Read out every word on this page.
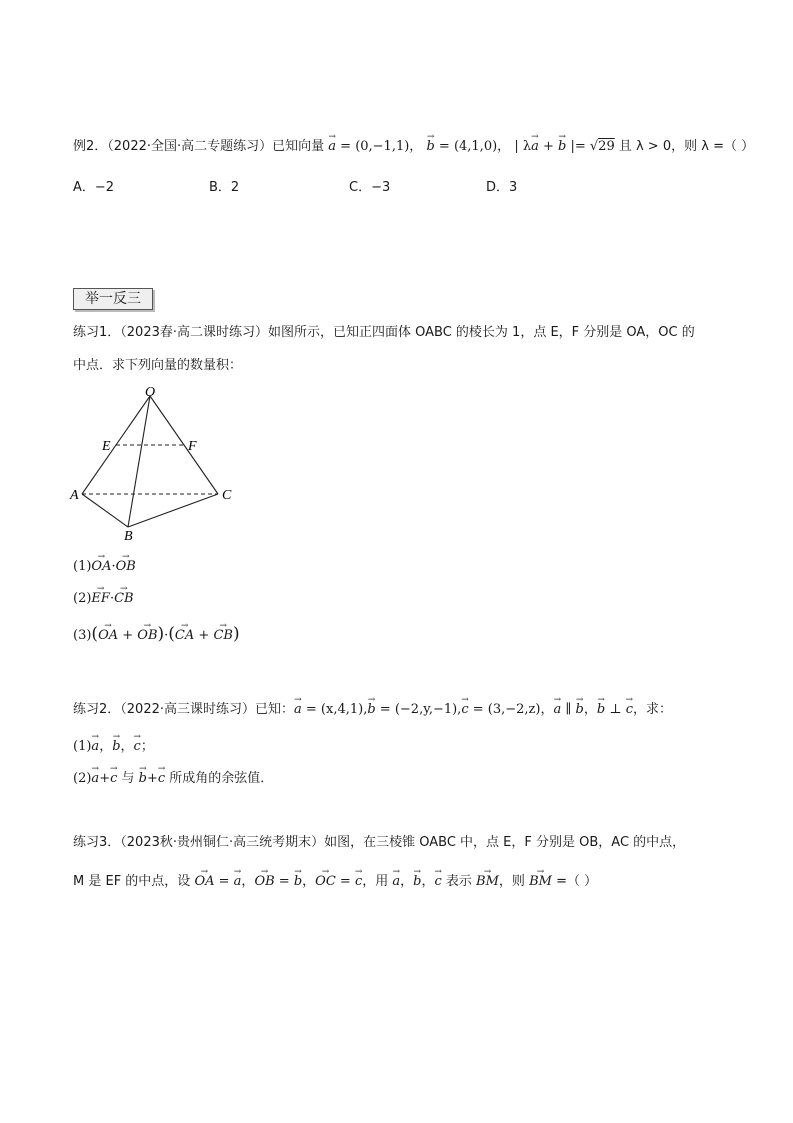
例2．（2022·全国·高二专题练习）已知向量 → a = (0,−1,1)， → b = (4,1,0)， | λ→ a + → b |= √29 且 λ > 0，则 λ =（ ）
A．−2	B．2	C．−3	D．3
举一反三
练习1．（2023春·高二课时练习）如图所示，已知正四面体 OABC 的棱长为 1，点 E，F 分别是 OA，OC 的
中点．求下列向量的数量积：
O
E	F
A	C
B
(1)→ OA·→ OB
(2)→ EF·→ CB
(3)(→ OA + → OB)·(→ CA + → CB)
练习2．（2022·高三课时练习）已知：→ a = (x,4,1),→ b = (−2,y,−1),→ c = (3,−2,z)，→ a ∥ → b，→ b ⊥ → c，求：
(1)→ a，→ b，→ c；
(2)→ a+→ c 与 → b+→ c 所成角的余弦值．
练习3．（2023秋·贵州铜仁·高三统考期末）如图，在三棱锥 OABC 中，点 E，F 分别是 OB，AC 的中点，
M 是 EF 的中点，设 → OA = → a，→ OB = → b，→ OC = → c，用 → a，→ b，→ c 表示 → BM，则 → BM =（ ）
